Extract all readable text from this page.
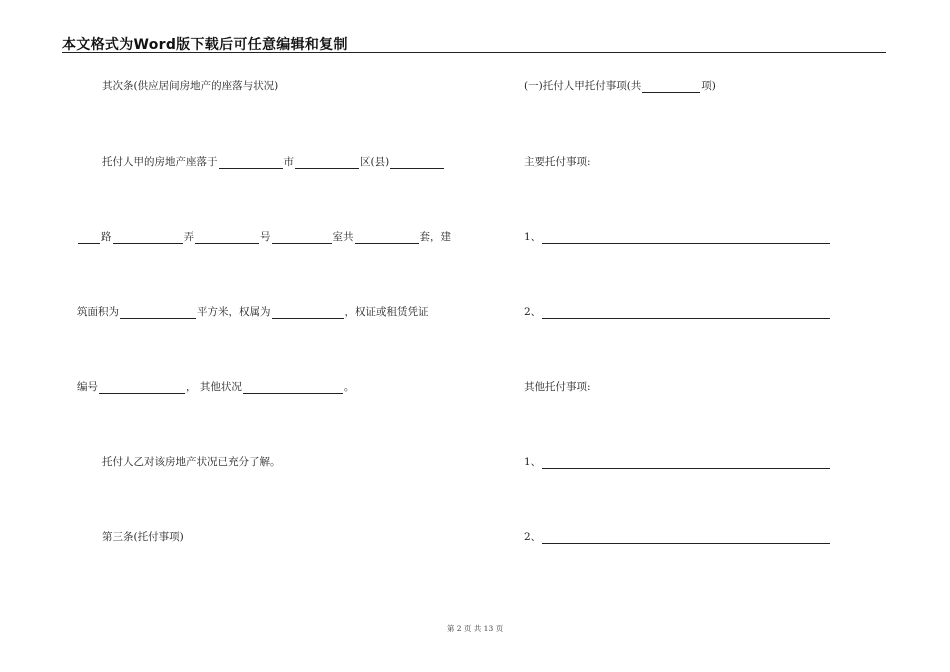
本文格式为Word版下载后可任意编辑和复制
其次条(供应居间房地产的座落与状况)
托付人甲的房地产座落于	市	区(县)
路	弄	号	室共	套，建
筑面积为	平方米，权属为	，权证或租赁凭证
编号	， 其他状况	。
托付人乙对该房地产状况已充分了解。
第三条(托付事项)
(一)托付人甲托付事项(共	项)
主要托付事项:
1、
2、
其他托付事项:
1、
2、
第 2 页 共 13 页
